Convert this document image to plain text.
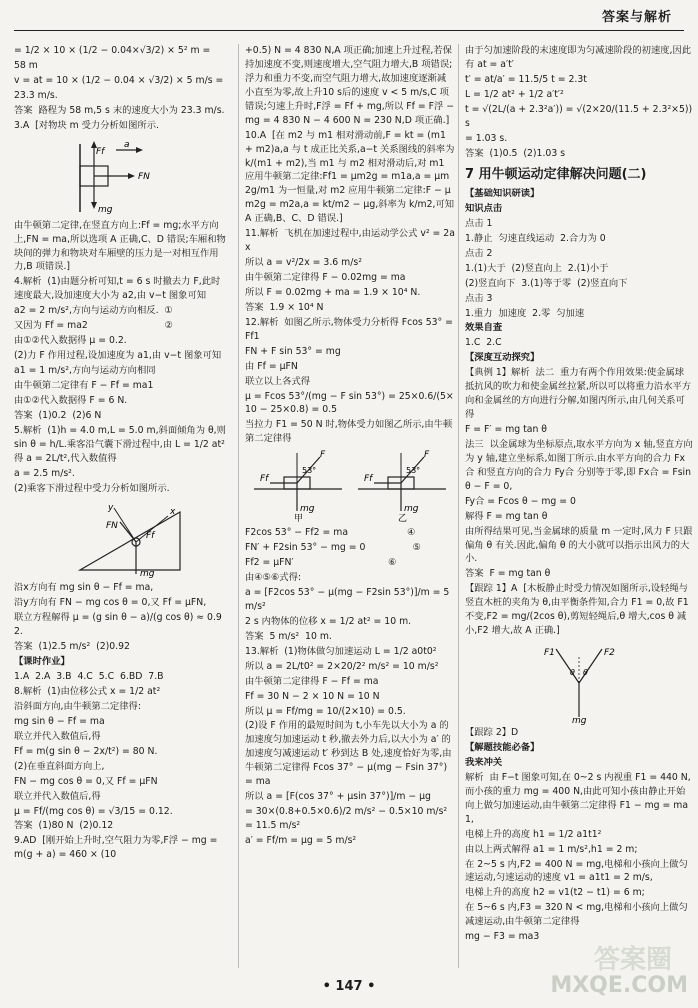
答案与解析

= 1/2 × 10 × (1/2 − 0.04×√3/2) × 5² m =

58 m

v = at = 10 × (1/2 − 0.04 × √3/2) × 5 m/s =

23.3 m/s.

答案  路程为 58 m,5 s 末的速度大小为 23.3 m/s.

3.A  [对物块 m 受力分析如图所示.

Ff
a
FN
mg

由牛顿第二定律,在竖直方向上:Ff = mg;水平方向上,FN = ma,所以选项 A 正确,C、D 错误;车厢和物块间的弹力和物块对车厢壁的压力是一对相互作用力,B 项错误.]

4.解析  (1)由题分析可知,t = 6 s 时撤去力 F,此时速度最大,设加速度大小为 a2,由 v−t 图象可知

a2 = 2 m/s²,方向与运动方向相反.  ①

又因为 Ff = ma2                          ②

由①②代入数据得 μ = 0.2.

(2)力 F 作用过程,设加速度为 a1,由 v−t 图象可知

a1 = 1 m/s²,方向与运动方向相同

由牛顿第二定律有 F − Ff = ma1

由①②代入数据得 F = 6 N.

答案  (1)0.2  (2)6 N

5.解析  (1)h = 4.0 m,L = 5.0 m,斜面倾角为 θ,则 sin θ = h/L.乘客沿气囊下滑过程中,由 L = 1/2 at² 得 a = 2L/t²,代入数值得

a = 2.5 m/s².

(2)乘客下滑过程中受力分析如图所示.

y	x
FN
Ff
mg

沿x方向有 mg sin θ − Ff = ma,

沿y方向有 FN − mg cos θ = 0,又 Ff = μFN,

联立方程解得 μ = (g sin θ − a)/(g cos θ) ≈ 0.92.

答案  (1)2.5 m/s²  (2)0.92

【课时作业】

1.A  2.A  3.B  4.C  5.C  6.BD  7.B

8.解析  (1)由位移公式 x = 1/2 at²

沿斜面方向,由牛顿第二定律得:

mg sin θ − Ff = ma

联立并代入数值后,得

Ff = m(g sin θ − 2x/t²) = 80 N.

(2)在垂直斜面方向上,

FN − mg cos θ = 0,又 Ff = μFN

联立并代入数值后,得

μ = Ff/(mg cos θ) = √3/15 = 0.12.

答案  (1)80 N  (2)0.12

9.AD  [刚开始上升时,空气阻力为零,F浮 − mg = m(g + a) = 460 × (10

+0.5) N = 4 830 N,A 项正确;加速上升过程,若保持加速度不变,则速度增大,空气阻力增大,B 项错误;浮力和重力不变,而空气阻力增大,故加速度逐渐减小直至为零,故上升10 s后的速度 v < 5 m/s,C 项错误;匀速上升时,F浮 = Ff + mg,所以 Ff = F浮 − mg = 4 830 N − 4 600 N = 230 N,D 项正确.]

10.A  [在 m2 与 m1 相对滑动前,F = kt = (m1 + m2)a,a 与 t 成正比关系,a−t 关系图线的斜率为 k/(m1 + m2),当 m1 与 m2 相对滑动后,对 m1 应用牛顿第二定律:Ff1 = μm2g = m1a,a = μm2g/m1 为一恒量,对 m2 应用牛顿第二定律:F − μm2g = m2a,a = kt/m2 − μg,斜率为 k/m2,可知 A 正确,B、C、D 错误.]

11.解析  飞机在加速过程中,由运动学公式 v² = 2ax

所以 a = v²/2x = 3.6 m/s²

由牛顿第二定律得 F − 0.02mg = ma

所以 F = 0.02mg + ma = 1.9 × 10⁴ N.

答案  1.9 × 10⁴ N

12.解析  如图乙所示,物体受力分析得 Fcos 53° = Ff1

FN + F sin 53° = mg

由 Ff = μFN

联立以上各式得

μ = Fcos 53°/(mg − F sin 53°) = 25×0.6/(5×10 − 25×0.8) = 0.5

当拉力 F1 = 50 N 时,物体受力如图乙所示,由牛顿第二定律得

F
Ff
mg
53°
甲
F
Ff
mg
53°
乙

F2cos 53° − Ff2 = ma                    ④

FN′ + F2sin 53° − mg = 0                ⑤

Ff2 = μFN′                                ⑥

由④⑤⑥式得:

a = [F2cos 53° − μ(mg − F2sin 53°)]/m = 5 m/s²

2 s 内物体的位移 x = 1/2 at² = 10 m.

答案  5 m/s²  10 m.

13.解析  (1)物体做匀加速运动 L = 1/2 a0t0²

所以 a = 2L/t0² = 2×20/2² m/s² = 10 m/s²

由牛顿第二定律得 F − Ff = ma

Ff = 30 N − 2 × 10 N = 10 N

所以 μ = Ff/mg = 10/(2×10) = 0.5.

(2)设 F 作用的最短时间为 t,小车先以大小为 a 的加速度匀加速运动 t 秒,撤去外力后,以大小为 a′ 的加速度匀减速运动 t′ 秒到达 B 处,速度恰好为零,由牛顿第二定律得 Fcos 37° − μ(mg − Fsin 37°) = ma

所以 a = [F(cos 37° + μsin 37°)]/m − μg

= 30×(0.8+0.5×0.6)/2 m/s² − 0.5×10 m/s² = 11.5 m/s²

a′ = Ff/m = μg = 5 m/s²

由于匀加速阶段的末速度即为匀减速阶段的初速度,因此有 at = a′t′

t′ = at/a′ = 11.5/5 t = 2.3t

L = 1/2 at² + 1/2 a′t′²

t = √(2L/(a + 2.3²a′)) = √(2×20/(11.5 + 2.3²×5)) s

= 1.03 s.

答案  (1)0.5  (2)1.03 s

7 用牛顿运动定律解决问题(二)

【基础知识研读】

知识点击

点击 1

1.静止  匀速直线运动  2.合力为 0

点击 2

1.(1)大于  (2)竖直向上  2.(1)小于

(2)竖直向下  3.(1)等于零  (2)竖直向下

点击 3

1.重力  加速度  2.零  匀加速

效果自查

1.C  2.C

【深度互动探究】

【典例 1】解析  法二  重力有两个作用效果:使金属球抵抗风的吹力和使金属丝拉紧,所以可以将重力沿水平方向和金属丝的方向进行分解,如图丙所示,由几何关系可得

F = F′ = mg tan θ

法三  以金属球为坐标原点,取水平方向为 x 轴,竖直方向为 y 轴,建立坐标系,如图丁所示.由水平方向的合力 Fx合 和竖直方向的合力 Fy合 分别等于零,即 Fx合 = Fsin θ − F = 0,

Fy合 = Fcos θ − mg = 0

解得 F = mg tan θ

由所得结果可见,当金属球的质量 m 一定时,风力 F 只跟偏角 θ 有关.因此,偏角 θ 的大小就可以指示出风力的大小.

答案  F = mg tan θ

【跟踪 1】A  [木板静止时受力情况如图所示,设轻绳与竖直木桩的夹角为 θ,由平衡条件知,合力 F1 = 0,故 F1 不变,F2 = mg/(2cos θ),剪短轻绳后,θ 增大,cos θ 减小,F2 增大,故 A 正确.]

F1	F2
θ θ
mg

【跟踪 2】D

【解题技能必备】

我来冲关

解析  由 F−t 图象可知,在 0~2 s 内视重 F1 = 440 N,而小孩的重力 mg = 400 N,由此可知小孩由静止开始向上做匀加速运动,由牛顿第二定律得 F1 − mg = ma1,

电梯上升的高度 h1 = 1/2 a1t1²

由以上两式解得 a1 = 1 m/s²,h1 = 2 m;

在 2~5 s 内,F2 = 400 N = mg,电梯和小孩向上做匀速运动,匀速运动的速度 v1 = a1t1 = 2 m/s,

电梯上升的高度 h2 = v1(t2 − t1) = 6 m;

在 5~6 s 内,F3 = 320 N < mg,电梯和小孩向上做匀减速运动,由牛顿第二定律得

mg − F3 = ma3

• 147 •
答案圈
MXQE.COM
